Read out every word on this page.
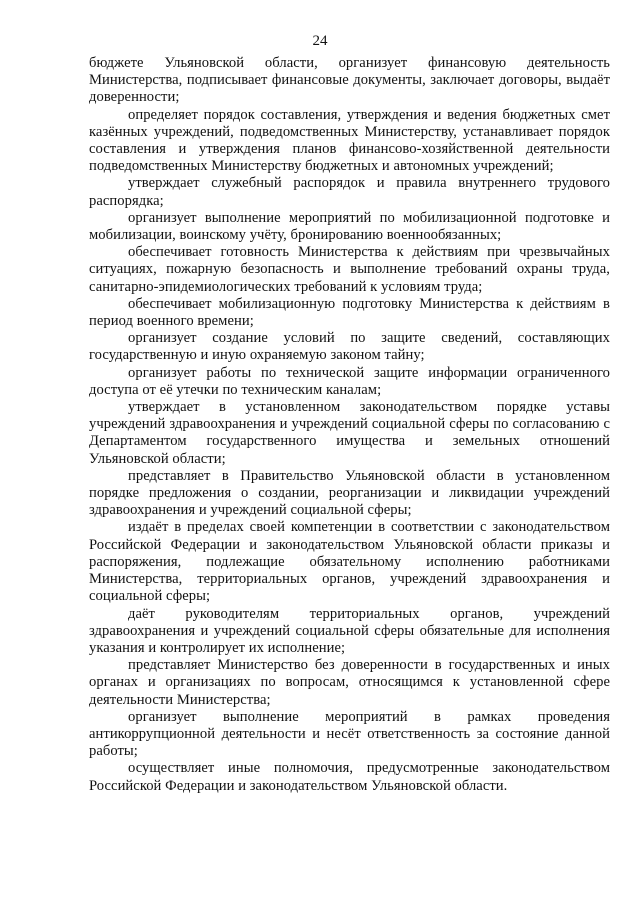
24

бюджете Ульяновской области, организует финансовую деятельность Министерства, подписывает финансовые документы, заключает договоры, выдаёт доверенности;

определяет порядок составления, утверждения и ведения бюджетных смет казённых учреждений, подведомственных Министерству, устанавливает порядок составления и утверждения планов финансово-хозяйственной деятельности подведомственных Министерству бюджетных и автономных учреждений;

утверждает служебный распорядок и правила внутреннего трудового распорядка;

организует выполнение мероприятий по мобилизационной подготовке и мобилизации, воинскому учёту, бронированию военнообязанных;

обеспечивает готовность Министерства к действиям при чрезвычайных ситуациях, пожарную безопасность и выполнение требований охраны труда, санитарно-эпидемиологических требований к условиям труда;

обеспечивает мобилизационную подготовку Министерства к действиям в период военного времени;

организует создание условий по защите сведений, составляющих государственную и иную охраняемую законом тайну;

организует работы по технической защите информации ограниченного доступа от её утечки по техническим каналам;

утверждает в установленном законодательством порядке уставы учреждений здравоохранения и учреждений социальной сферы по согласованию с Департаментом государственного имущества и земельных отношений Ульяновской области;

представляет в Правительство Ульяновской области в установленном порядке предложения о создании, реорганизации и ликвидации учреждений здравоохранения и учреждений социальной сферы;

издаёт в пределах своей компетенции в соответствии с законодательством Российской Федерации и законодательством Ульяновской области приказы и распоряжения, подлежащие обязательному исполнению работниками Министерства, территориальных органов, учреждений здравоохранения и социальной сферы;

даёт руководителям территориальных органов, учреждений здравоохранения и учреждений социальной сферы обязательные для исполнения указания и контролирует их исполнение;

представляет Министерство без доверенности в государственных и иных органах и организациях по вопросам, относящимся к установленной сфере деятельности Министерства;

организует выполнение мероприятий в рамках проведения антикоррупционной деятельности и несёт ответственность за состояние данной работы;

осуществляет иные полномочия, предусмотренные законодательством Российской Федерации и законодательством Ульяновской области.
